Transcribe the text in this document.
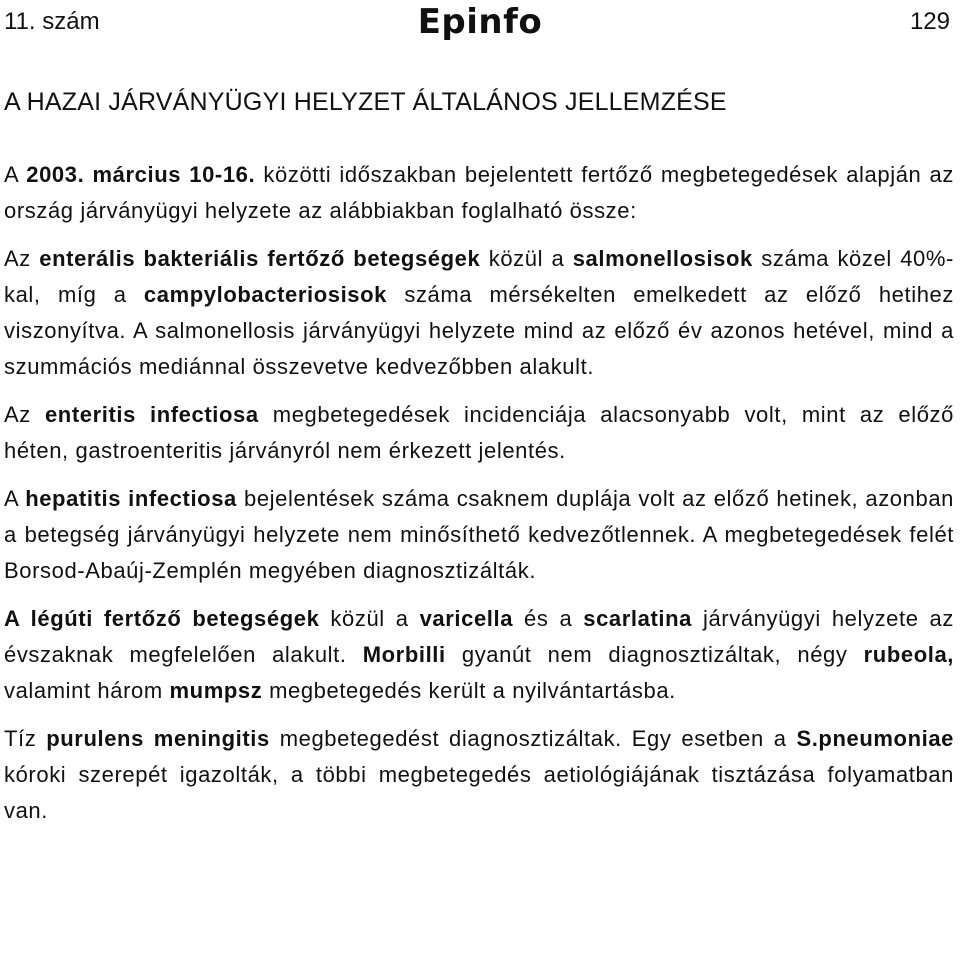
11. szám	Epinfo	129
A HAZAI JÁRVÁNYÜGYI HELYZET ÁLTALÁNOS JELLEMZÉSE

A 2003. március 10-16. közötti időszakban bejelentett fertőző megbetegedések alapján az ország járványügyi helyzete az alábbiakban foglalható össze:

Az enterális bakteriális fertőző betegségek közül a salmonellosisok száma közel 40%-kal, míg a campylobacteriosisok száma mérsékelten emelkedett az előző hetihez viszonyítva. A salmonellosis járványügyi helyzete mind az előző év azonos hetével, mind a szummációs mediánnal összevetve kedvezőbben alakult.

Az enteritis infectiosa megbetegedések incidenciája alacsonyabb volt, mint az előző héten, gastroenteritis járványról nem érkezett jelentés.

A hepatitis infectiosa bejelentések száma csaknem duplája volt az előző hetinek, azonban a betegség járványügyi helyzete nem minősíthető kedvezőtlennek. A megbetegedések felét Borsod-Abaúj-Zemplén megyében diagnosztizálták.

A légúti fertőző betegségek közül a varicella és a scarlatina járványügyi helyzete az évszaknak megfelelően alakult. Morbilli gyanút nem diagnosztizáltak, négy rubeola, valamint három mumpsz megbetegedés került a nyilvántartásba.

Tíz purulens meningitis megbetegedést diagnosztizáltak. Egy esetben a S.pneumoniae kóroki szerepét igazolták, a többi megbetegedés aetiológiájának tisztázása folyamatban van.
